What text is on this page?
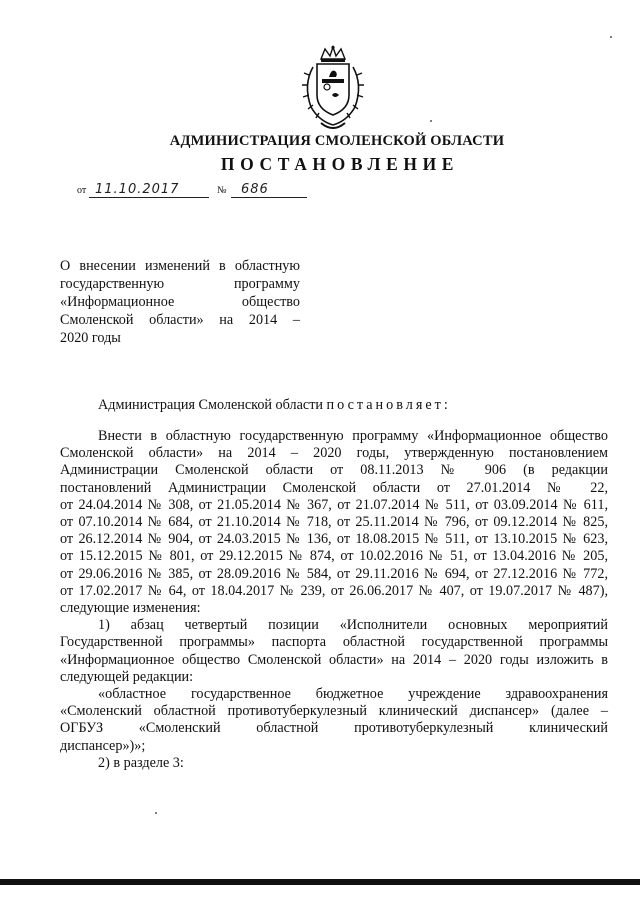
АДМИНИСТРАЦИЯ СМОЛЕНСКОЙ ОБЛАСТИ
ПОСТАНОВЛЕНИЕ
от 11.10.2017	№ 686
О внесении изменений в областную
государственную программу
«Информационное общество
Смоленской области» на 2014 –
2020 годы
Администрация Смоленской области постановляет:
Внести в областную государственную программу «Информационное общество
Смоленской области» на 2014 – 2020 годы, утвержденную постановлением
Администрации Смоленской области от 08.11.2013 № 906 (в редакции
постановлений Администрации Смоленской области от 27.01.2014 № 22,
от 24.04.2014 № 308, от 21.05.2014 № 367, от 21.07.2014 № 511, от 03.09.2014 № 611,
от 07.10.2014 № 684, от 21.10.2014 № 718, от 25.11.2014 № 796, от 09.12.2014 № 825,
от 26.12.2014 № 904, от 24.03.2015 № 136, от 18.08.2015 № 511, от 13.10.2015 № 623,
от 15.12.2015 № 801, от 29.12.2015 № 874, от 10.02.2016 № 51, от 13.04.2016 № 205,
от 29.06.2016 № 385, от 28.09.2016 № 584, от 29.11.2016 № 694, от 27.12.2016 № 772,
от 17.02.2017 № 64, от 18.04.2017 № 239, от 26.06.2017 № 407, от 19.07.2017 № 487),
следующие изменения:
1) абзац четвертый позиции «Исполнители основных мероприятий
Государственной программы» паспорта областной государственной программы
«Информационное общество Смоленской области» на 2014 – 2020 годы изложить в
следующей редакции:
«областное государственное бюджетное учреждение здравоохранения
«Смоленский областной противотуберкулезный клинический диспансер» (далее –
ОГБУЗ «Смоленский областной противотуберкулезный клинический
диспансер»)»;
2) в разделе 3:
